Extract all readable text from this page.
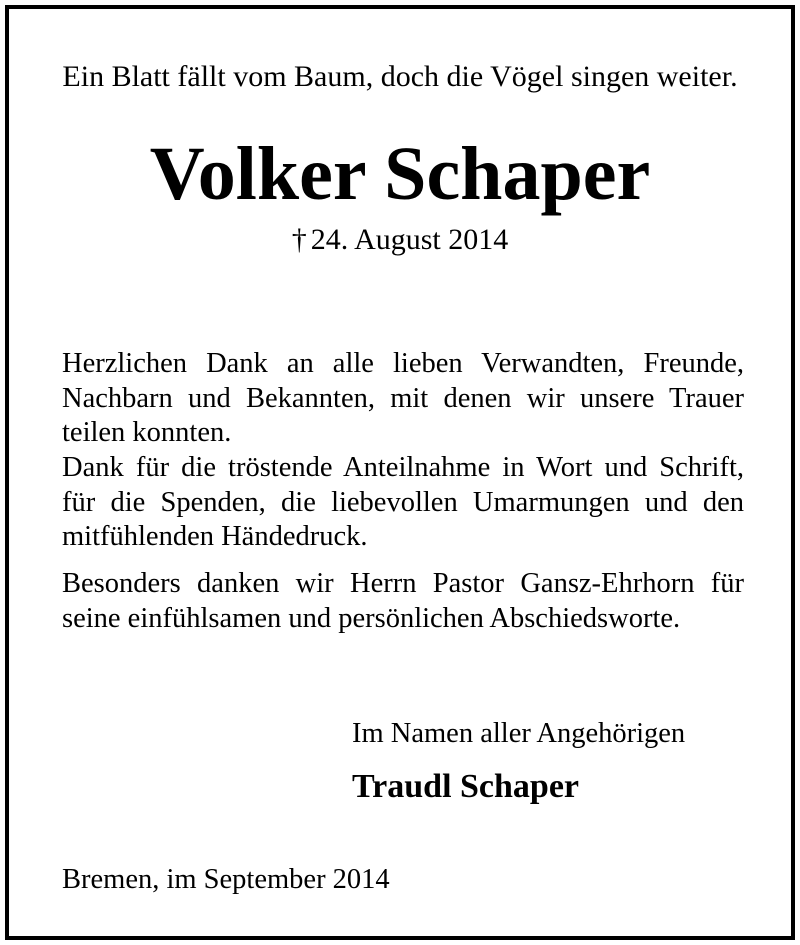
Ein Blatt fällt vom Baum, doch die Vögel singen weiter.
Volker Schaper
† 24. August 2014
Herzlichen Dank an alle lieben Verwandten, Freunde, Nachbarn und Bekannten, mit denen wir unsere Trauer teilen konnten.
Dank für die tröstende Anteilnahme in Wort und Schrift, für die Spenden, die liebevollen Umarmungen und den mitfühlenden Händedruck.
Besonders danken wir Herrn Pastor Gansz-Ehrhorn für seine einfühlsamen und persönlichen Abschiedsworte.
Im Namen aller Angehörigen
Traudl Schaper
Bremen, im September 2014
